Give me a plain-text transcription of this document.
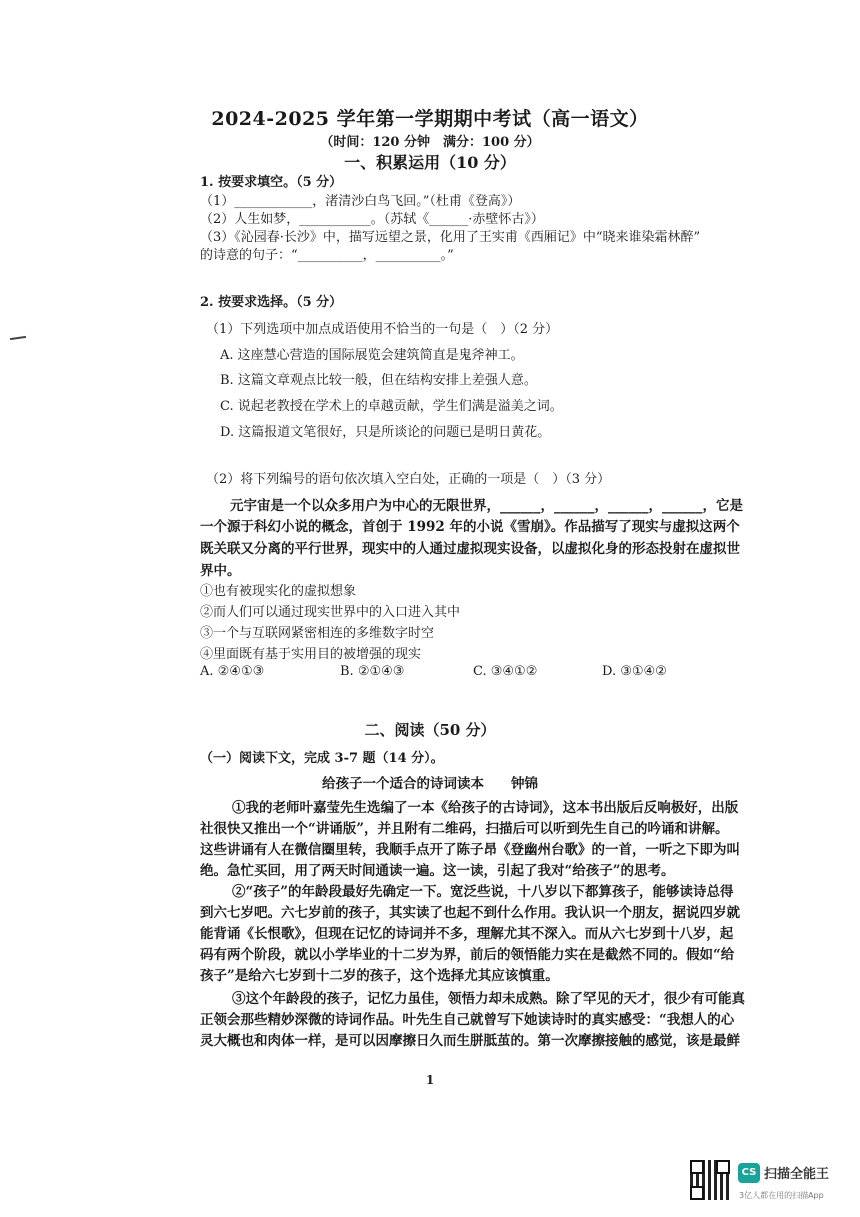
2024-2025 学年第一学期期中考试（高一语文）
（时间：120 分钟　满分：100 分）
一、积累运用（10 分）
1. 按要求填空。（5 分）
（1）____________，渚清沙白鸟飞回。”（杜甫《登高》）
（2）人生如梦，___________。（苏轼《______·赤壁怀古》）
（3）《沁园春·长沙》中，描写远望之景，化用了王实甫《西厢记》中“晓来谁染霜林醉”
的诗意的句子：“__________，__________。”
2. 按要求选择。（5 分）
（1）下列选项中加点成语使用不恰当的一句是（　）（2 分）
A. 这座慧心营造的国际展览会建筑简直是鬼斧神工。
B. 这篇文章观点比较一般，但在结构安排上差强人意。
C. 说起老教授在学术上的卓越贡献，学生们满是溢美之词。
D. 这篇报道文笔很好，只是所谈论的问题已是明日黄花。
（2）将下列编号的语句依次填入空白处，正确的一项是（　）（3 分）
元宇宙是一个以众多用户为中心的无限世界，______，______，______，______，它是
一个源于科幻小说的概念，首创于 1992 年的小说《雪崩》。作品描写了现实与虚拟这两个
既关联又分离的平行世界，现实中的人通过虚拟现实设备，以虚拟化身的形态投射在虚拟世
界中。
①也有被现实化的虚拟想象
②而人们可以通过现实世界中的入口进入其中
③一个与互联网紧密相连的多维数字时空
④里面既有基于实用目的被增强的现实
A. ②④①③	B. ②①④③	C. ③④①②	D. ③①④②
二、阅读（50 分）
（一）阅读下文，完成 3-7 题（14 分）。
给孩子一个适合的诗词读本　　钟锦
①我的老师叶嘉莹先生选编了一本《给孩子的古诗词》，这本书出版后反响极好，出版
社很快又推出一个“讲诵版”，并且附有二维码，扫描后可以听到先生自己的吟诵和讲解。
这些讲诵有人在微信圈里转，我顺手点开了陈子昂《登幽州台歌》的一首，一听之下即为叫
绝。急忙买回，用了两天时间通读一遍。这一读，引起了我对“给孩子”的思考。
②“孩子”的年龄段最好先确定一下。宽泛些说，十八岁以下都算孩子，能够读诗总得
到六七岁吧。六七岁前的孩子，其实读了也起不到什么作用。我认识一个朋友，据说四岁就
能背诵《长恨歌》，但现在记忆的诗词并不多，理解尤其不深入。而从六七岁到十八岁，起
码有两个阶段，就以小学毕业的十二岁为界，前后的领悟能力实在是截然不同的。假如“给
孩子”是给六七岁到十二岁的孩子，这个选择尤其应该慎重。
③这个年龄段的孩子，记忆力虽佳，领悟力却未成熟。除了罕见的天才，很少有可能真
正领会那些精妙深微的诗词作品。叶先生自己就曾写下她读诗时的真实感受：“我想人的心
灵大概也和肉体一样，是可以因摩擦日久而生胼胝茧的。第一次摩擦接触的感觉，该是最鲜
1
CS 扫描全能王
3亿人都在用的扫描App
